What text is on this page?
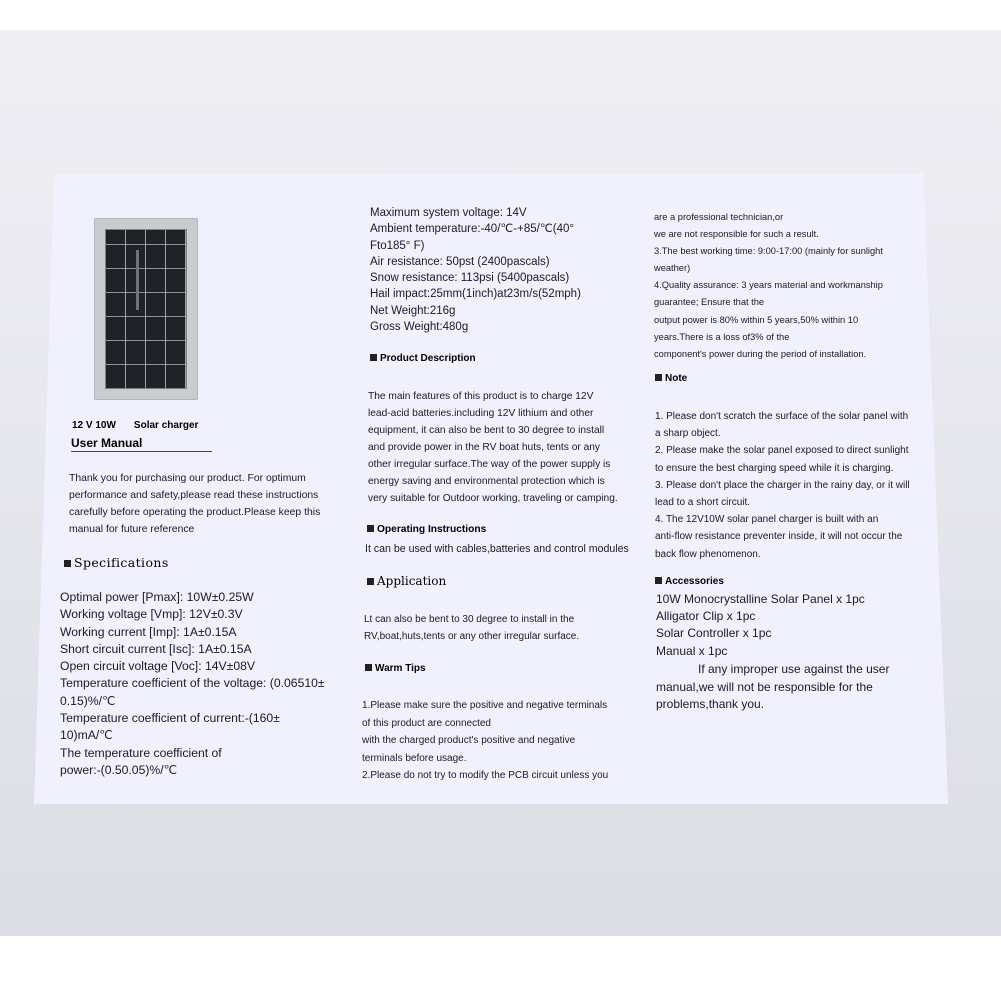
12 V 10W Solar charger
User Manual
Thank you for purchasing our product. For optimum
performance and safety,please read these instructions
carefully before operating the product.Please keep this
manual for future reference
Specifications
Optimal power [Pmax]: 10W±0.25W
Working voltage [Vmp]: 12V±0.3V
Working current [Imp]: 1A±0.15A
Short circuit current [Isc]: 1A±0.15A
Open circuit voltage [Voc]: 14V±08V
Temperature coefficient of the voltage: (0.06510±
0.15)%/℃
Temperature coefficient of current:-(160±
10)mA/℃
The temperature coefficient of
power:-(0.50.05)%/℃
Maximum system voltage: 14V
Ambient temperature:-40/℃-+85/℃(40°
Fto185° F)
Air resistance: 50pst (2400pascals)
Snow resistance: 113psi (5400pascals)
Hail impact:25mm(1inch)at23m/s(52mph)
Net Weight:216g
Gross Weight:480g
Product Description
The main features of this product is to charge 12V
lead-acid batteries.including 12V lithium and other
equipment, it can also be bent to 30 degree to install
and provide power in the RV boat huts, tents or any
other irregular surface.The way of the power supply is
energy saving and environmental protection which is
very suitable for Outdoor working, traveling or camping.
Operating Instructions
It can be used with cables,batteries and control modules
Application
Lt can also be bent to 30 degree to install in the
RV,boat,huts,tents or any other irregular surface.
Warm Tips
1.Please make sure the positive and negative terminals
of this product are connected
with the charged product's positive and negative
terminals before usage.
2.Please do not try to modify the PCB circuit unless you
are a professional technician,or
we are not responsible for such a result.
3.The best working time: 9:00-17:00 (mainly for sunlight
weather)
4.Quality assurance: 3 years material and workmanship
guarantee; Ensure that the
output power is 80% within 5 years,50% within 10
years.There is a loss of3% of the
component's power during the period of installation.
Note
1. Please don't scratch the surface of the solar panel with
a sharp object.
2. Please make the solar panel exposed to direct sunlight
to ensure the best charging speed while it is charging.
3. Please don't place the charger in the rainy day, or it will
lead to a short circuit.
4. The 12V10W solar panel charger is built with an
anti-flow resistance preventer inside, it will not occur the
back flow phenomenon.
Accessories
10W Monocrystalline Solar Panel x 1pc
Alligator Clip x 1pc
Solar Controller x 1pc
Manual x 1pc
If any improper use against the user
manual,we will not be responsible for the
problems,thank you.
